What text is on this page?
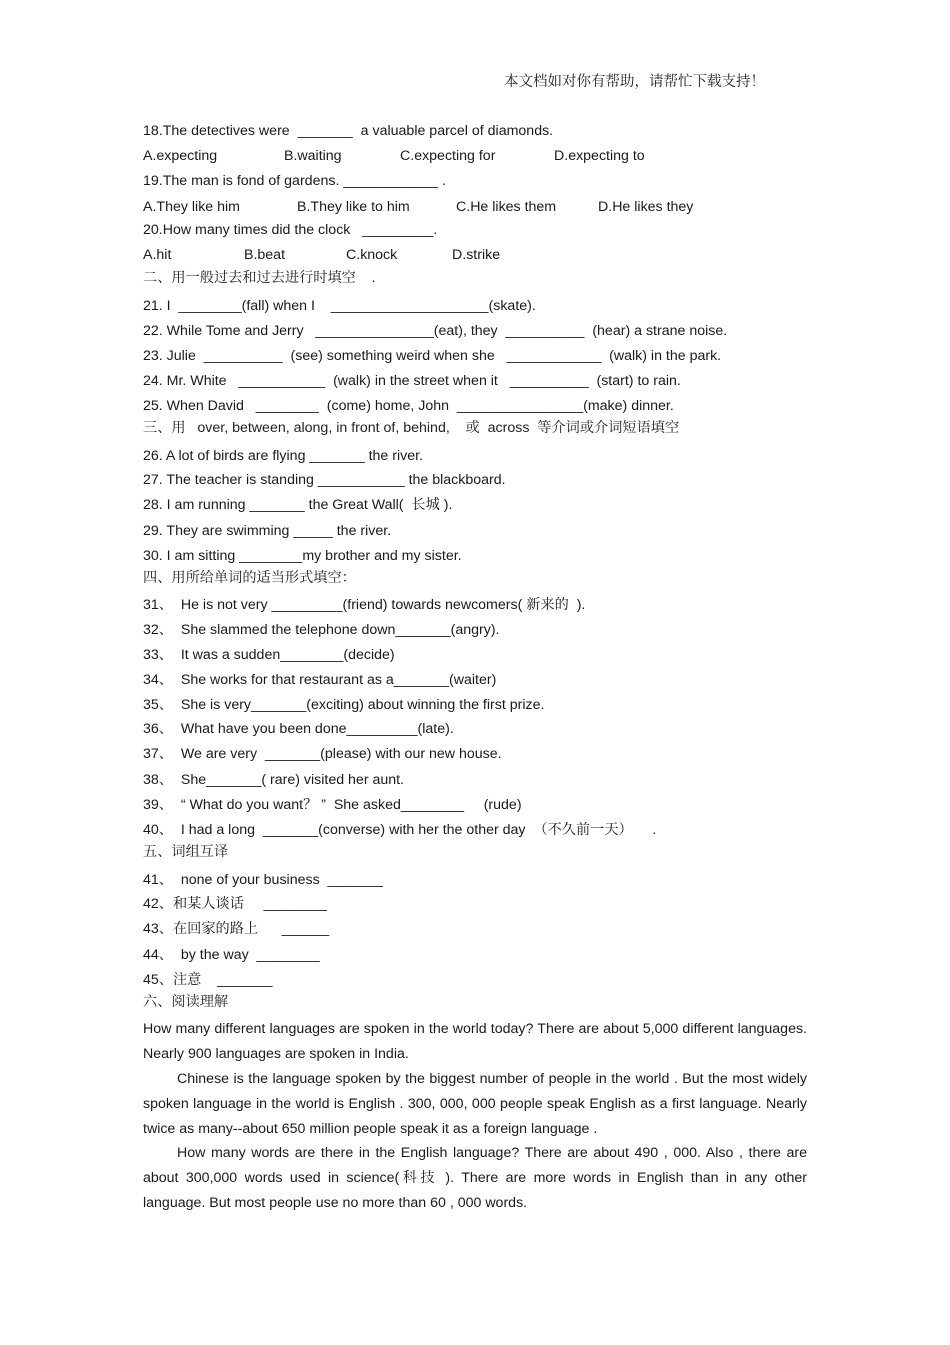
本文档如对你有帮助，请帮忙下载支持！
18.The detectives were  _______  a valuable parcel of diamonds.
A.expecting	B.waiting	C.expecting for	D.expecting to
19.The man is fond of gardens. ____________ .
A.They like him	B.They like to him	C.He likes them	D.He likes they
20.How many times did the clock   _________.
A.hit	B.beat	C.knock	D.strike
二、用一般过去和过去进行时填空    .
21. I  ________(fall) when I    ____________________(skate).
22. While Tome and Jerry   _______________(eat), they  __________  (hear) a strane noise.
23. Julie  __________  (see) something weird when she   ____________  (walk) in the park.
24. Mr. White   ___________  (walk) in the street when it   __________  (start) to rain.
25. When David   ________  (come) home, John  ________________(make) dinner.
三、用   over, between, along, in front of, behind,    或  across  等介词或介词短语填空
26. A lot of birds are flying _______ the river.
27. The teacher is standing ___________ the blackboard.
28. I am running _______ the Great Wall(  长城 ).
29. They are swimming _____ the river.
30. I am sitting ________my brother and my sister.
四、用所给单词的适当形式填空：
31、  He is not very _________(friend) towards newcomers( 新来的  ).
32、  She slammed the telephone down_______(angry).
33、  It was a sudden________(decide)
34、  She works for that restaurant as a_______(waiter)
35、  She is very_______(exciting) about winning the first prize.
36、  What have you been done_________(late).
37、  We are very  _______(please) with our new house.
38、  She_______( rare) visited her aunt.
39、  “ What do you want？ ”  She asked________     (rude)
40、  I had a long  _______(converse) with her the other day  （不久前一天）     .
五、词组互译
41、  none of your business  _______
42、和某人谈话     ________
43、在回家的路上      ______
44、  by the way  ________
45、注意    _______
六、阅读理解
How many different languages are spoken in the world today? There are about 5,000 different languages. Nearly 900 languages are spoken in India.
Chinese is the language spoken by the biggest number of people in the world . But the most widely spoken language in the world is English . 300, 000, 000 people speak English as a first language. Nearly twice as many--about 650 million people speak it as a foreign language .
How many words are there in the English language? There are about 490 , 000. Also , there are about 300,000 words used in science(科技 ). There are more words in English than in any other language. But most people use no more than 60 , 000 words.
